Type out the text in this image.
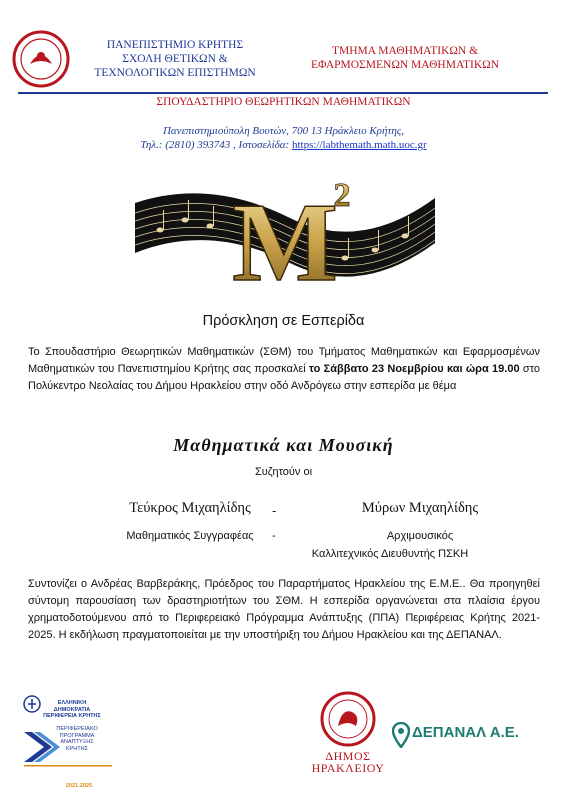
ΠΑΝΕΠΙΣΤΗΜΙΟ ΚΡΗΤΗΣ
ΣΧΟΛΗ ΘΕΤΙΚΩΝ &
ΤΕΧΝΟΛΟΓΙΚΩΝ ΕΠΙΣΤΗΜΩΝ
ΤΜΗΜΑ ΜΑΘΗΜΑΤΙΚΩΝ &
ΕΦΑΡΜΟΣΜΕΝΩΝ ΜΑΘΗΜΑΤΙΚΩΝ
ΣΠΟΥΔΑΣΤΗΡΙΟ ΘΕΩΡΗΤΙΚΩΝ ΜΑΘΗΜΑΤΙΚΩΝ
Πανεπιστημιούπολη Βουτών, 700 13 Ηράκλειο Κρήτης,
Τηλ.: (2810) 393743 , Ιστοσελίδα: https://labthemath.math.uoc.gr
M
2
Πρόσκληση σε Εσπερίδα
Το Σπουδαστήριο Θεωρητικών Μαθηματικών (ΣΘΜ) του Τμήματος Μαθηματικών και Εφαρμοσμένων Μαθηματικών του Πανεπιστημίου Κρήτης σας προσκαλεί το Σάββατο 23 Νοεμβρίου και ώρα 19.00 στο Πολύκεντρο Νεολαίας του Δήμου Ηρακλείου στην οδό Ανδρόγεω στην εσπερίδα με θέμα
Μαθηματικά και Μουσική
Συζητούν οι
Τεύκρος Μιχαηλίδης	-	Μύρων Μιχαηλίδης
Μαθηματικός Συγγραφέας	-	Αρχιμουσικός
Καλλιτεχνικός Διευθυντής ΠΣΚΗ
Συντονίζει ο Ανδρέας Βαρβεράκης, Πρόεδρος του Παραρτήματος Ηρακλείου της Ε.Μ.Ε.. Θα προηγηθεί σύντομη παρουσίαση των δραστηριοτήτων του ΣΘΜ. Η εσπερίδα οργανώνεται στα πλαίσια έργου χρηματοδοτούμενου από το Περιφερειακό Πρόγραμμα Ανάπτυξης (ΠΠΑ) Περιφέρειας Κρήτης 2021-2025. Η εκδήλωση πραγματοποιείται με την υποστήριξη του Δήμου Ηρακλείου και της ΔΕΠΑΝΑΛ.
ΕΛΛΗΝΙΚΗ
ΔΗΜΟΚΡΑΤΙΑ
ΠΕΡΙΦΕΡΕΙΑ ΚΡΗΤΗΣ
ΠΕΡΙΦΕΡΕΙΑΚΟ
ΠΡΟΓΡΑΜΜΑ
ΑΝΑΠΤΥΞΗΣ
ΚΡΗΤΗΣ
2021-2025
ΔΗΜΟΣ
ΗΡΑΚΛΕΙΟΥ
ΔΕΠΑΝΑΛ Α.Ε.
